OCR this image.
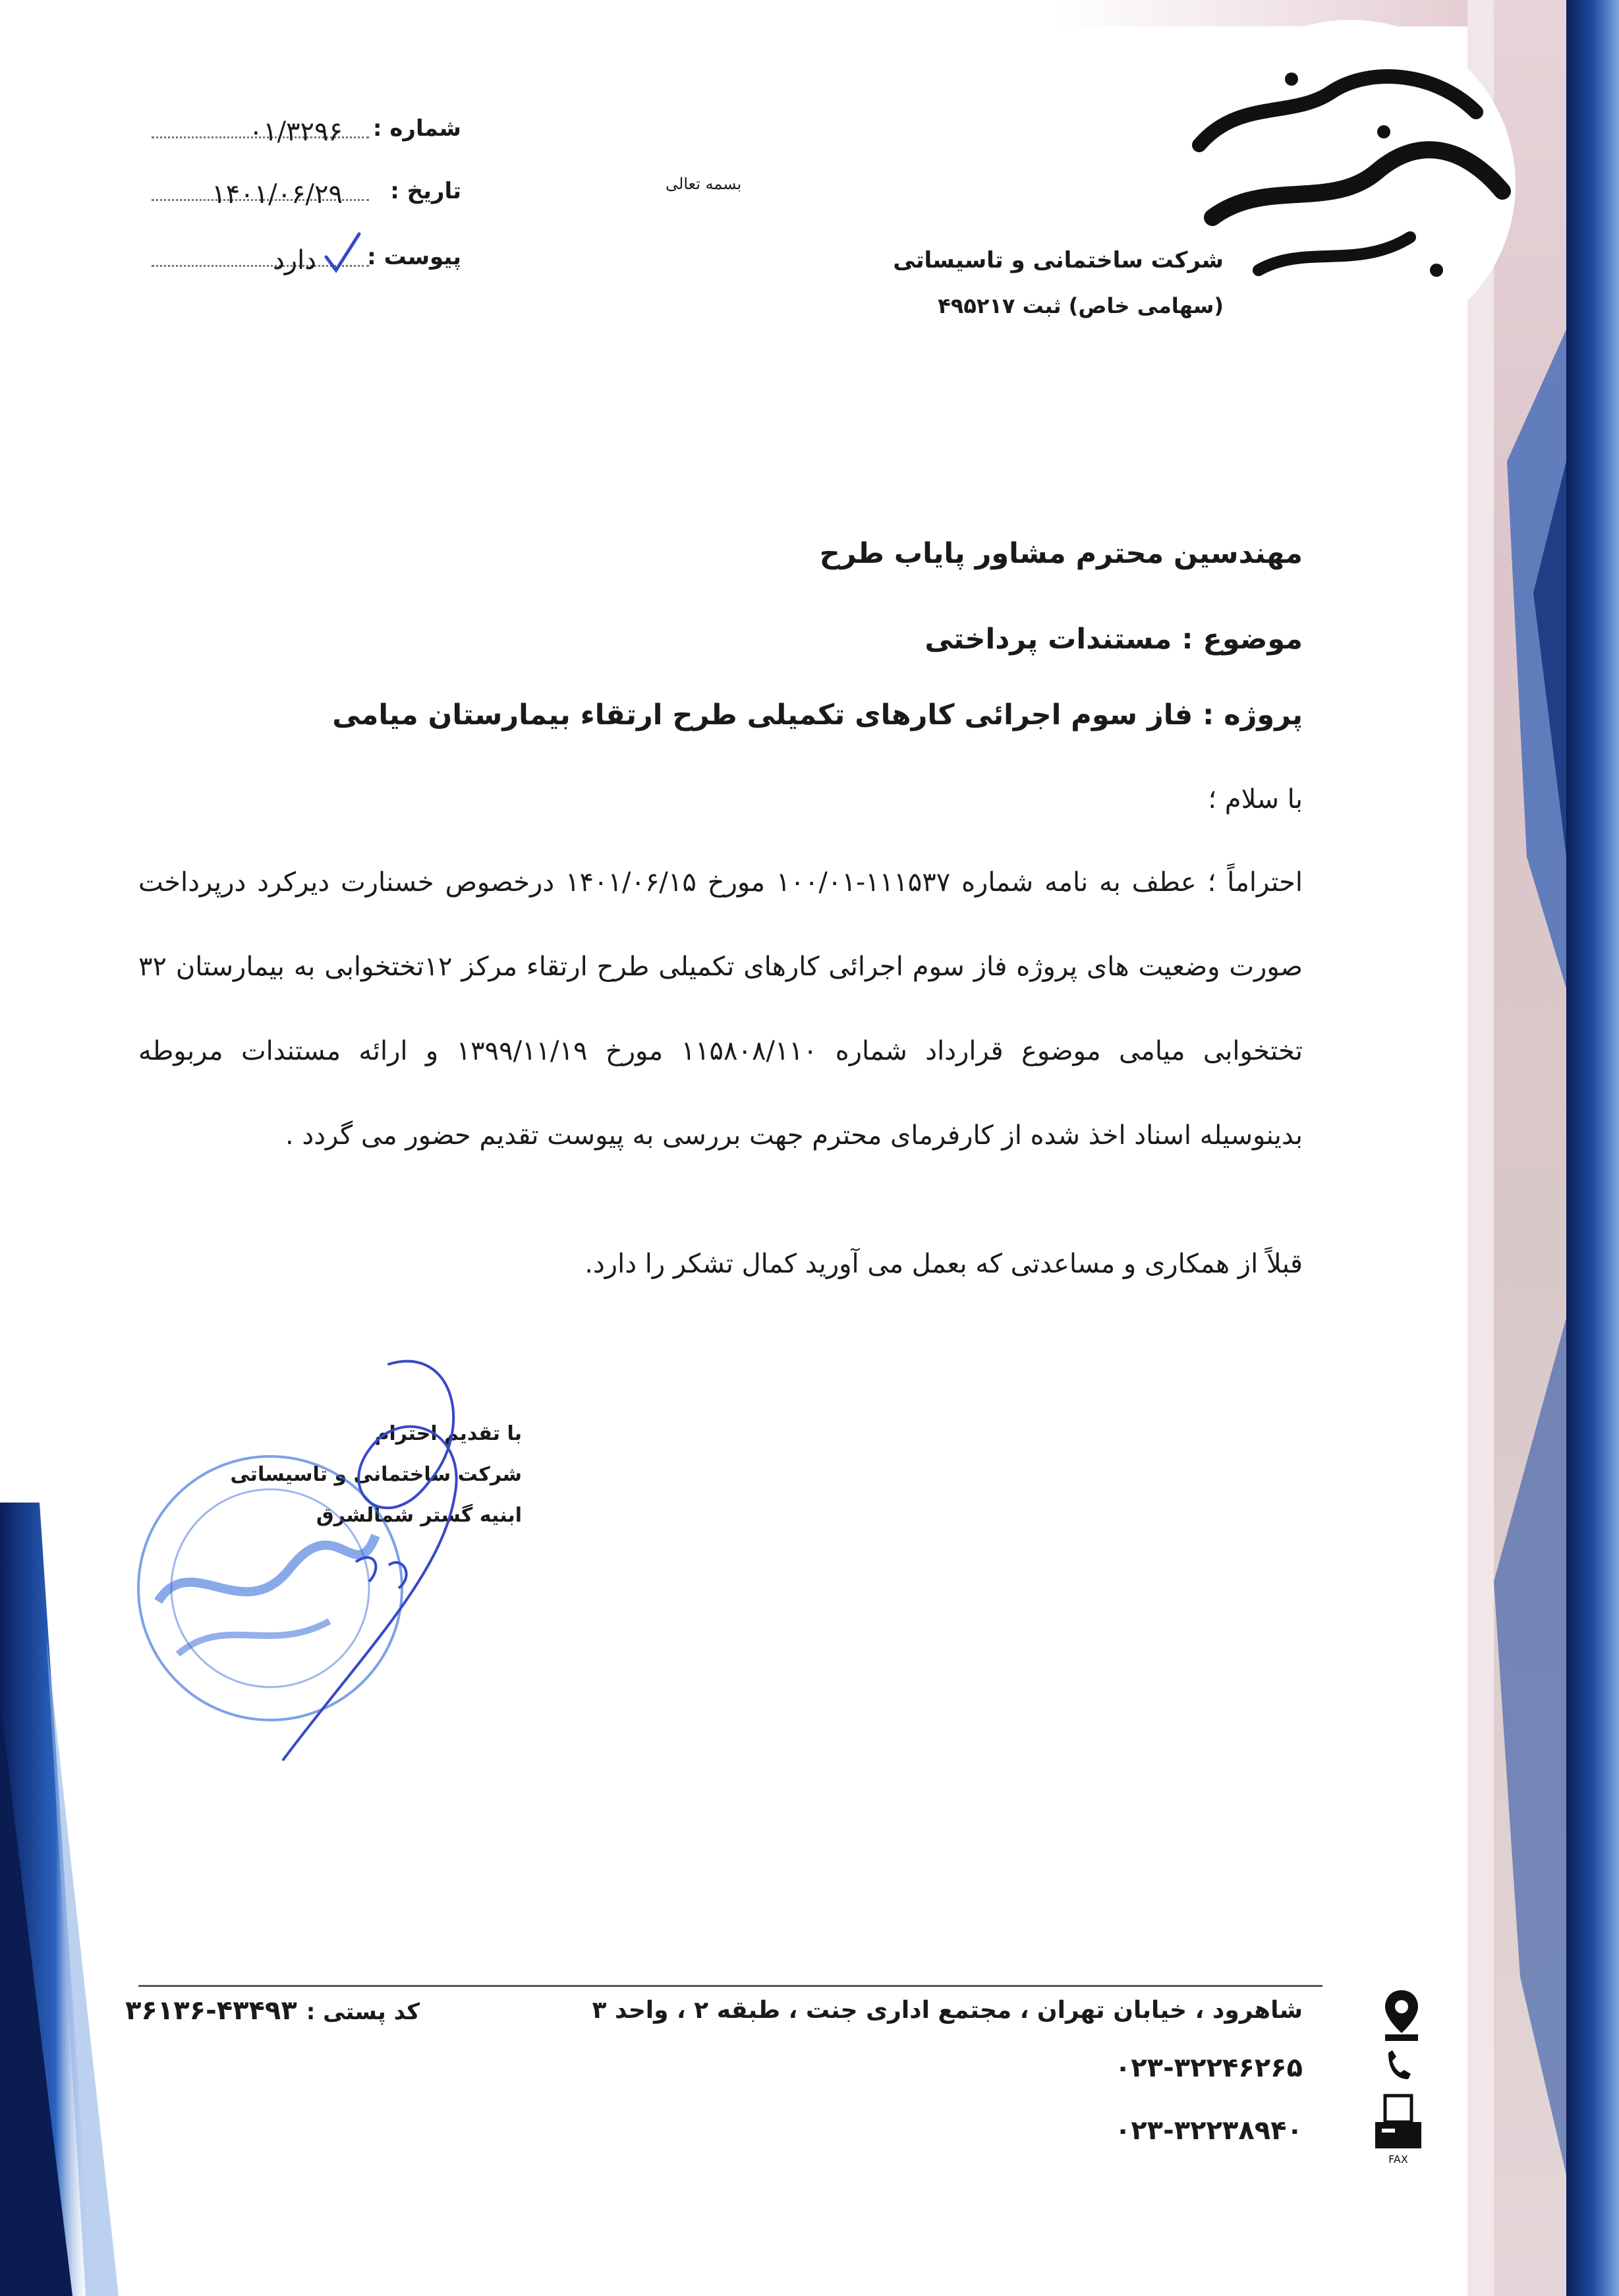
شرکت ساختمانی و تاسیساتی
(سهامی خاص) ثبت ۴۹۵۲۱۷
بسمه تعالی
شماره :
۰۱/۳۲۹۶
تاریخ :
۱۴۰۱/۰۶/۲۹
پیوست :
دارد
مهندسین محترم مشاور پایاب طرح
موضوع : مستندات پرداختی
پروژه : فاز سوم اجرائی کارهای تکمیلی طرح ارتقاء بیمارستان میامی
با سلام ؛
احتراماً ؛ عطف به نامه شماره ۱۱۱۵۳۷-۱۰۰/۰۱ مورخ ۱۴۰۱/۰۶/۱۵ درخصوص خسنارت دیرکرد درپرداخت صورت وضعیت های پروژه فاز سوم اجرائی کارهای تکمیلی طرح ارتقاء مرکز ۱۲تختخوابی به بیمارستان ۳۲ تختخوابی میامی موضوع قرارداد شماره ۱۱۵۸۰۸/۱۱۰ مورخ ۱۳۹۹/۱۱/۱۹ و ارائه مستندات مربوطه بدینوسیله اسناد اخذ شده از کارفرمای محترم جهت بررسی به پیوست تقدیم حضور می گردد .
قبلاً از همکاری و مساعدتی که بعمل می آورید کمال تشکر را دارد.
با تقدیم احترام
شرکت ساختمانی و تاسیساتی
ابنیه گستر شمالشرق
شاهرود ، خیابان تهران ، مجتمع اداری جنت ، طبقه ۲ ، واحد ۳
۳۶۱۳۶-۴۳۴۹۳ کد پستی :
۰۲۳-۳۲۲۴۶۲۶۵
۰۲۳-۳۲۲۳۸۹۴۰
FAX
